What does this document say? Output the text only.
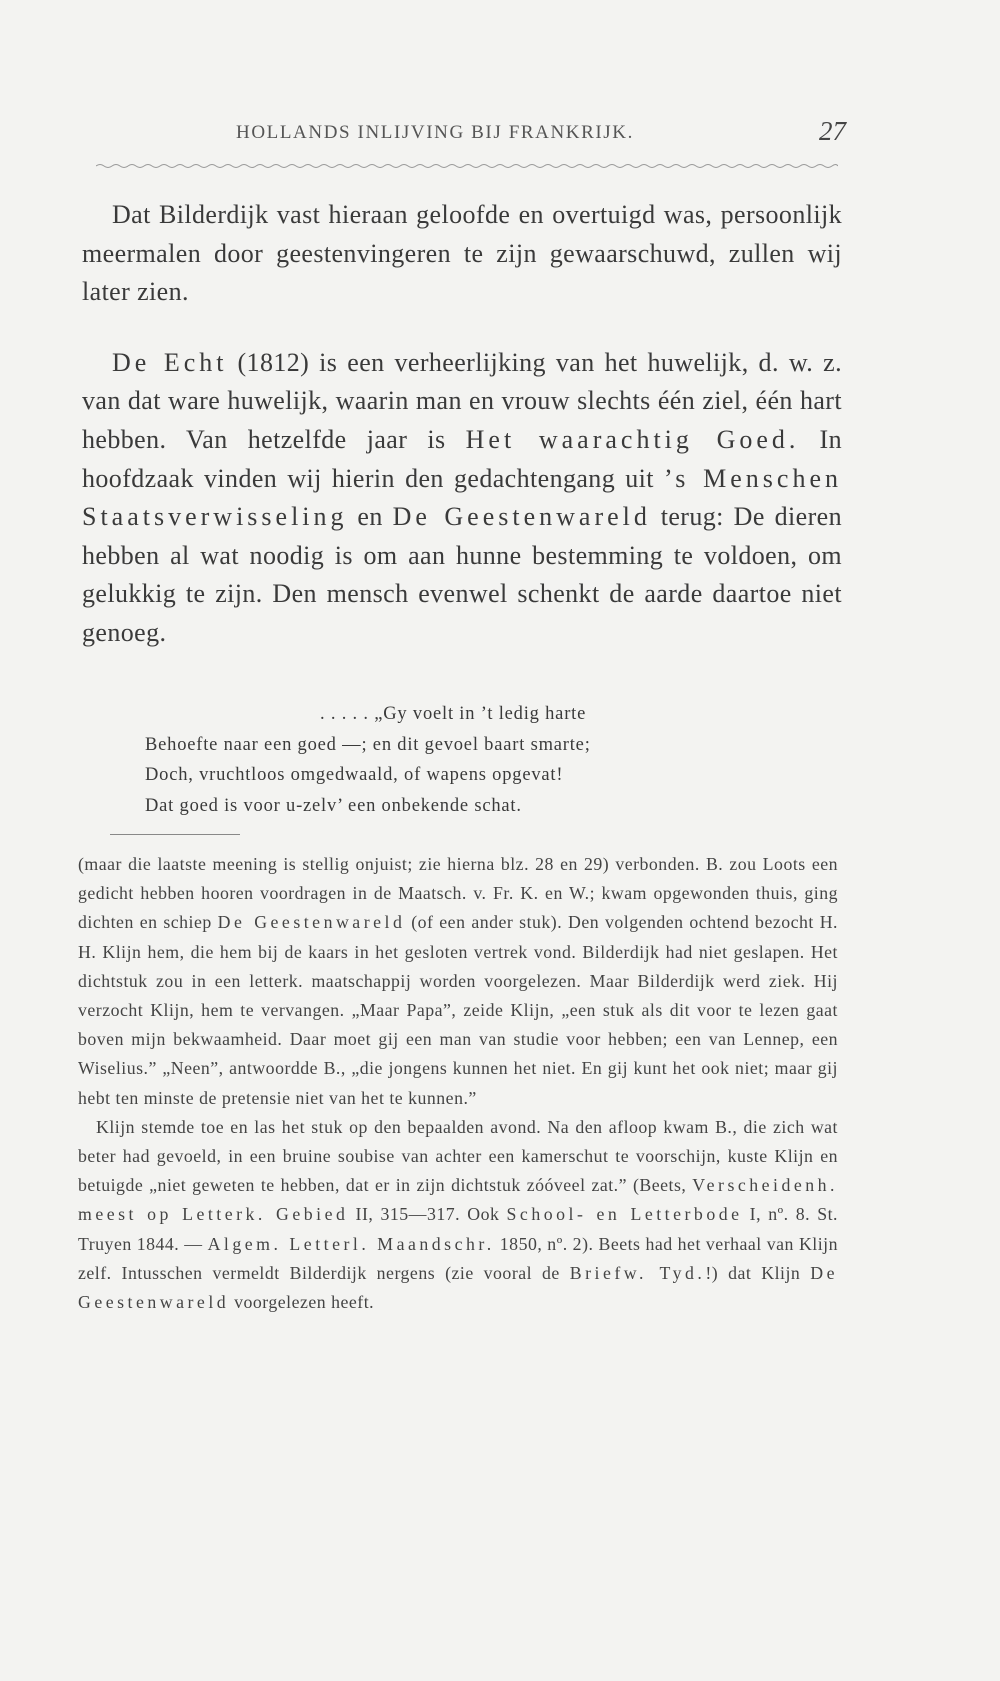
HOLLANDS INLIJVING BIJ FRANKRIJK.	27

Dat Bilderdijk vast hieraan geloofde en overtuigd was, persoonlijk meermalen door geestenvingeren te zijn gewaarschuwd, zullen wij later zien.

De Echt (1812) is een verheerlijking van het huwelijk, d. w. z. van dat ware huwelijk, waarin man en vrouw slechts één ziel, één hart hebben. Van hetzelfde jaar is Het waarachtig Goed. In hoofdzaak vinden wij hierin den gedachtengang uit ’s Menschen Staatsverwisseling en De Geestenwareld terug: De dieren hebben al wat noodig is om aan hunne bestemming te voldoen, om gelukkig te zijn. Den mensch evenwel schenkt de aarde daartoe niet genoeg.

. . . . . „Gy voelt in ’t ledig harte
Behoefte naar een goed —; en dit gevoel baart smarte;
Doch, vruchtloos omgedwaald, of wapens opgevat!
Dat goed is voor u-zelv’ een onbekende schat.

(maar die laatste meening is stellig onjuist; zie hierna blz. 28 en 29) verbonden. B. zou Loots een gedicht hebben hooren voordragen in de Maatsch. v. Fr. K. en W.; kwam opgewonden thuis, ging dichten en schiep De Geestenwareld (of een ander stuk). Den volgenden ochtend bezocht H. H. Klijn hem, die hem bij de kaars in het gesloten vertrek vond. Bilderdijk had niet geslapen. Het dichtstuk zou in een letterk. maatschappij worden voorgelezen. Maar Bilderdijk werd ziek. Hij verzocht Klijn, hem te vervangen. „Maar Papa”, zeide Klijn, „een stuk als dit voor te lezen gaat boven mijn bekwaamheid. Daar moet gij een man van studie voor hebben; een van Lennep, een Wiselius.” „Neen”, antwoordde B., „die jongens kunnen het niet. En gij kunt het ook niet; maar gij hebt ten minste de pretensie niet van het te kunnen.”

Klijn stemde toe en las het stuk op den bepaalden avond. Na den afloop kwam B., die zich wat beter had gevoeld, in een bruine soubise van achter een kamerschut te voorschijn, kuste Klijn en betuigde „niet geweten te hebben, dat er in zijn dichtstuk zóóveel zat.” (Beets, Verscheidenh. meest op Letterk. Gebied II, 315—317. Ook School- en Letterbode I, nº. 8. St. Truyen 1844. — Algem. Letterl. Maandschr. 1850, nº. 2). Beets had het verhaal van Klijn zelf. Intusschen vermeldt Bilderdijk nergens (zie vooral de Briefw. Tyd.!) dat Klijn De Geestenwareld voorgelezen heeft.
